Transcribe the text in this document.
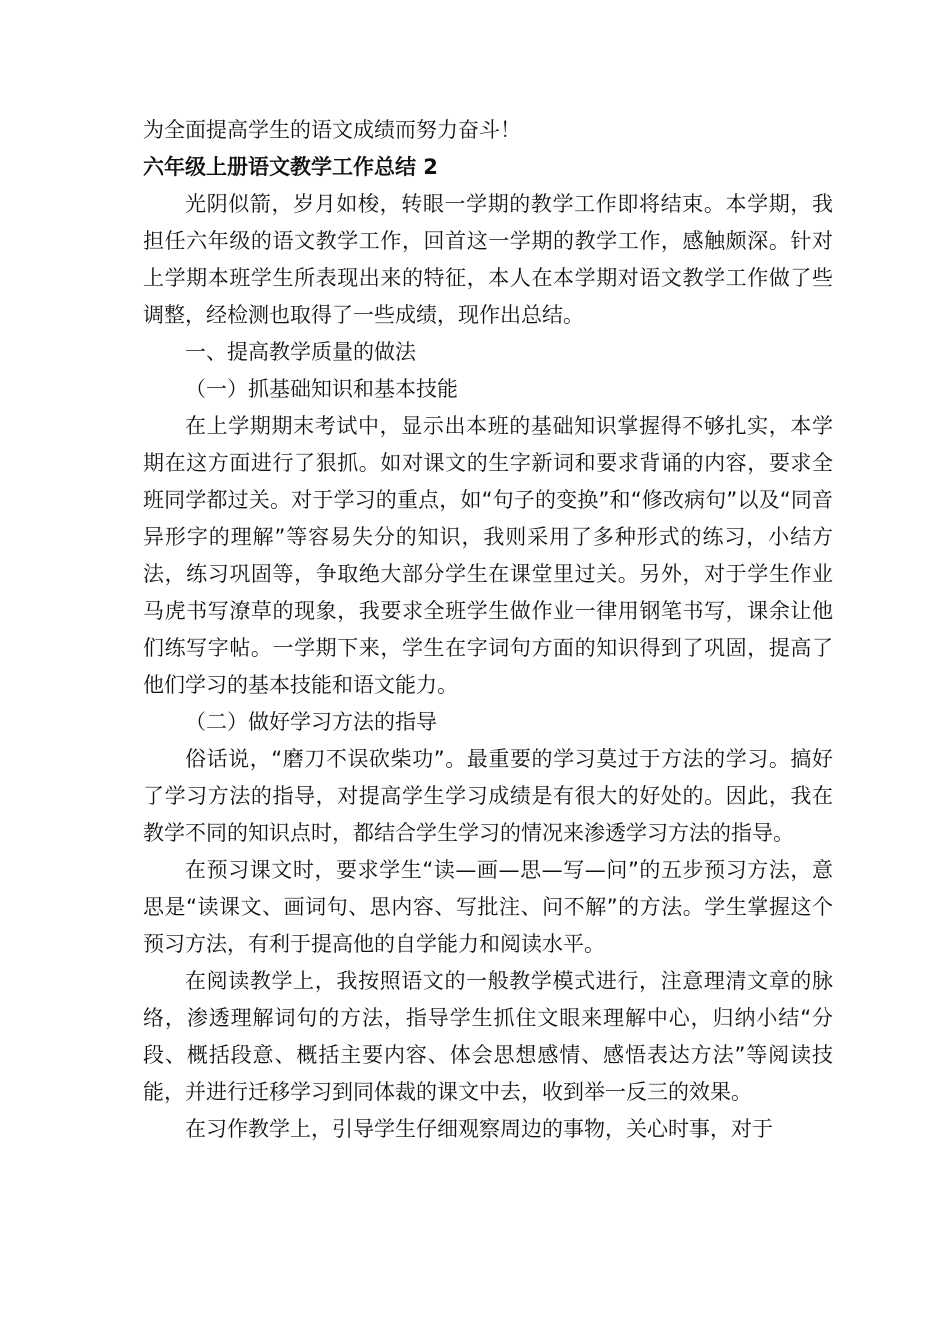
为全面提高学生的语文成绩而努力奋斗！

六年级上册语文教学工作总结 2

光阴似箭，岁月如梭，转眼一学期的教学工作即将结束。本学期，我担任六年级的语文教学工作，回首这一学期的教学工作，感触颇深。针对上学期本班学生所表现出来的特征，本人在本学期对语文教学工作做了些调整，经检测也取得了一些成绩，现作出总结。

一、提高教学质量的做法

（一）抓基础知识和基本技能

在上学期期末考试中，显示出本班的基础知识掌握得不够扎实，本学期在这方面进行了狠抓。如对课文的生字新词和要求背诵的内容，要求全班同学都过关。对于学习的重点，如“句子的变换”和“修改病句”以及“同音异形字的理解”等容易失分的知识，我则采用了多种形式的练习，小结方法，练习巩固等，争取绝大部分学生在课堂里过关。另外，对于学生作业马虎书写潦草的现象，我要求全班学生做作业一律用钢笔书写，课余让他们练写字帖。一学期下来，学生在字词句方面的知识得到了巩固，提高了他们学习的基本技能和语文能力。

（二）做好学习方法的指导

俗话说，“磨刀不误砍柴功”。最重要的学习莫过于方法的学习。搞好了学习方法的指导，对提高学生学习成绩是有很大的好处的。因此，我在教学不同的知识点时，都结合学生学习的情况来渗透学习方法的指导。

在预习课文时，要求学生“读—画—思—写—问”的五步预习方法，意思是“读课文、画词句、思内容、写批注、问不解”的方法。学生掌握这个预习方法，有利于提高他的自学能力和阅读水平。

在阅读教学上，我按照语文的一般教学模式进行，注意理清文章的脉络，渗透理解词句的方法，指导学生抓住文眼来理解中心，归纳小结“分段、概括段意、概括主要内容、体会思想感情、感悟表达方法”等阅读技能，并进行迁移学习到同体裁的课文中去，收到举一反三的效果。

在习作教学上，引导学生仔细观察周边的事物，关心时事，对于
